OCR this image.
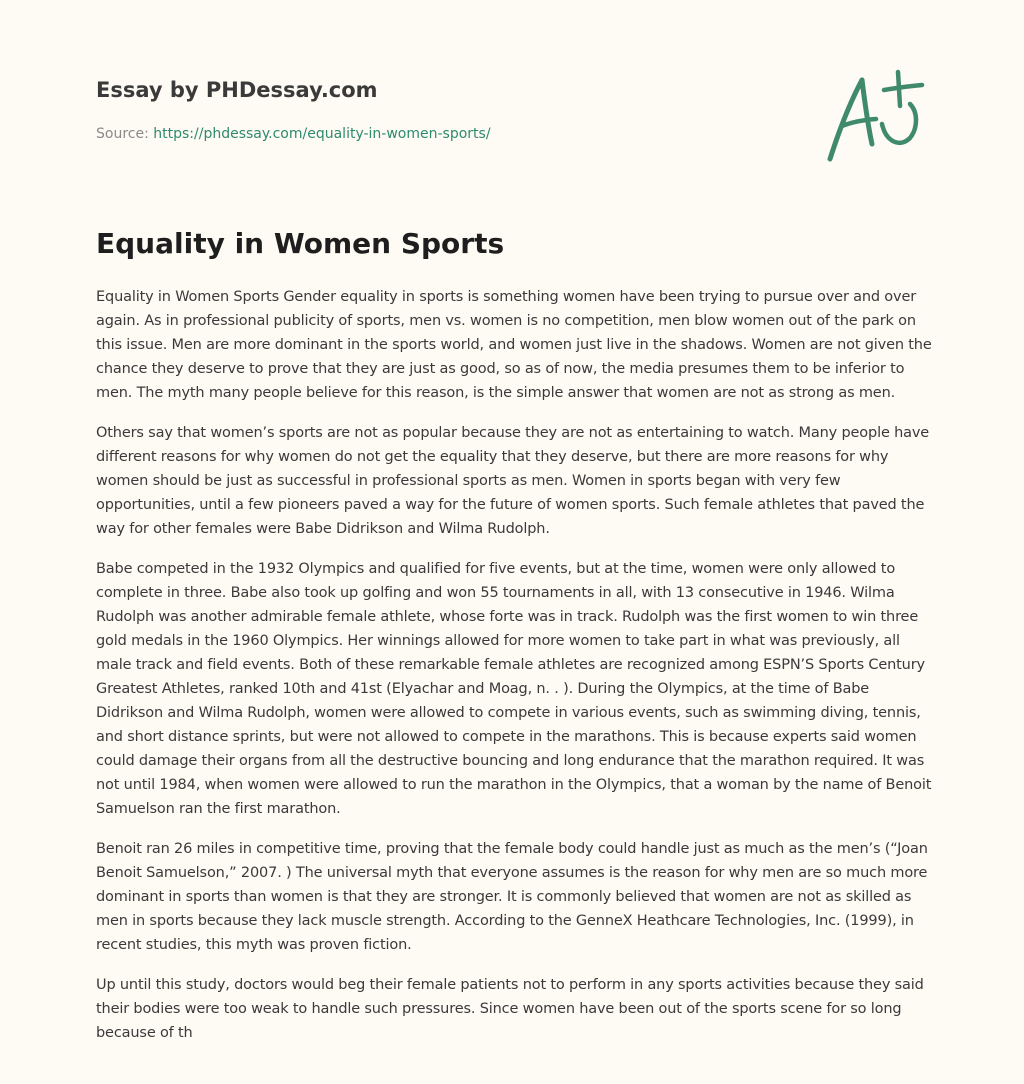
Essay by PHDessay.com
Source: https://phdessay.com/equality-in-women-sports/
Equality in Women Sports

Equality in Women Sports Gender equality in sports is something women have been trying to pursue over and over again. As in professional publicity of sports, men vs. women is no competition, men blow women out of the park on this issue. Men are more dominant in the sports world, and women just live in the shadows. Women are not given the chance they deserve to prove that they are just as good, so as of now, the media presumes them to be inferior to men. The myth many people believe for this reason, is the simple answer that women are not as strong as men.

Others say that women’s sports are not as popular because they are not as entertaining to watch. Many people have different reasons for why women do not get the equality that they deserve, but there are more reasons for why women should be just as successful in professional sports as men. Women in sports began with very few opportunities, until a few pioneers paved a way for the future of women sports. Such female athletes that paved the way for other females were Babe Didrikson and Wilma Rudolph.

Babe competed in the 1932 Olympics and qualified for five events, but at the time, women were only allowed to complete in three. Babe also took up golfing and won 55 tournaments in all, with 13 consecutive in 1946. Wilma Rudolph was another admirable female athlete, whose forte was in track. Rudolph was the first women to win three gold medals in the 1960 Olympics. Her winnings allowed for more women to take part in what was previously, all male track and field events. Both of these remarkable female athletes are recognized among ESPN’S Sports Century Greatest Athletes, ranked 10th and 41st (Elyachar and Moag, n. . ). During the Olympics, at the time of Babe Didrikson and Wilma Rudolph, women were allowed to compete in various events, such as swimming diving, tennis, and short distance sprints, but were not allowed to compete in the marathons. This is because experts said women could damage their organs from all the destructive bouncing and long endurance that the marathon required. It was not until 1984, when women were allowed to run the marathon in the Olympics, that a woman by the name of Benoit Samuelson ran the first marathon.

Benoit ran 26 miles in competitive time, proving that the female body could handle just as much as the men’s (“Joan Benoit Samuelson,” 2007. ) The universal myth that everyone assumes is the reason for why men are so much more dominant in sports than women is that they are stronger. It is commonly believed that women are not as skilled as men in sports because they lack muscle strength. According to the GenneX Heathcare Technologies, Inc. (1999), in recent studies, this myth was proven fiction.

Up until this study, doctors would beg their female patients not to perform in any sports activities because they said their bodies were too weak to handle such pressures. Since women have been out of the sports scene for so long because of th
